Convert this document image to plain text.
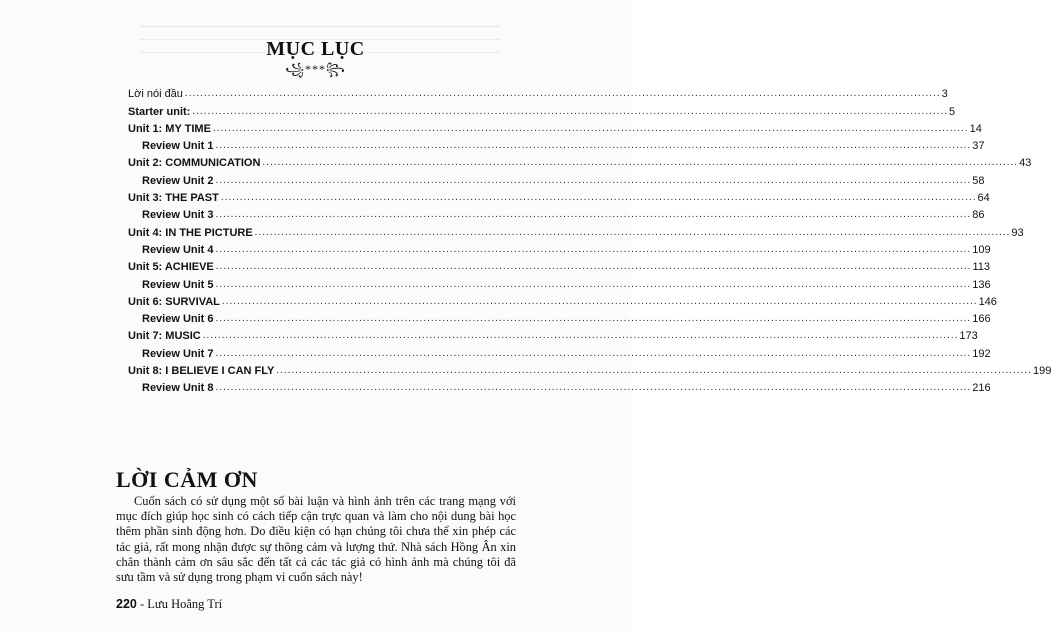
MỤC LỤC
꧁***꧂
Lời nói đầu ........................................................................................................................................................................................................ 3
Starter unit: ........................................................................................................................................................................................................ 5
Unit 1: MY TIME ........................................................................................................................................................................................................ 14
Review Unit 1 ........................................................................................................................................................................................................ 37
Unit 2: COMMUNICATION ........................................................................................................................................................................................................ 43
Review Unit 2 ........................................................................................................................................................................................................ 58
Unit 3: THE PAST ........................................................................................................................................................................................................ 64
Review Unit 3 ........................................................................................................................................................................................................ 86
Unit 4: IN THE PICTURE ........................................................................................................................................................................................................ 93
Review Unit 4 ........................................................................................................................................................................................................ 109
Unit 5: ACHIEVE ........................................................................................................................................................................................................ 113
Review Unit 5 ........................................................................................................................................................................................................ 136
Unit 6: SURVIVAL ........................................................................................................................................................................................................ 146
Review Unit 6 ........................................................................................................................................................................................................ 166
Unit 7: MUSIC ........................................................................................................................................................................................................ 173
Review Unit 7 ........................................................................................................................................................................................................ 192
Unit 8: I BELIEVE I CAN FLY ........................................................................................................................................................................................................ 199
Review Unit 8 ........................................................................................................................................................................................................ 216
LỜI CẢM ƠN
Cuốn sách có sử dụng một số bài luận và hình ảnh trên các trang mạng với mục đích giúp học sinh có cách tiếp cận trực quan và làm cho nội dung bài học thêm phần sinh động hơn. Do điều kiện có hạn chúng tôi chưa thể xin phép các tác giả, rất mong nhận được sự thông cảm và lượng thứ. Nhà sách Hồng Ân xin chân thành cảm ơn sâu sắc đến tất cả các tác giả có hình ảnh mà chúng tôi đã sưu tầm và sử dụng trong phạm vi cuốn sách này!
220 - Lưu Hoằng Trí
